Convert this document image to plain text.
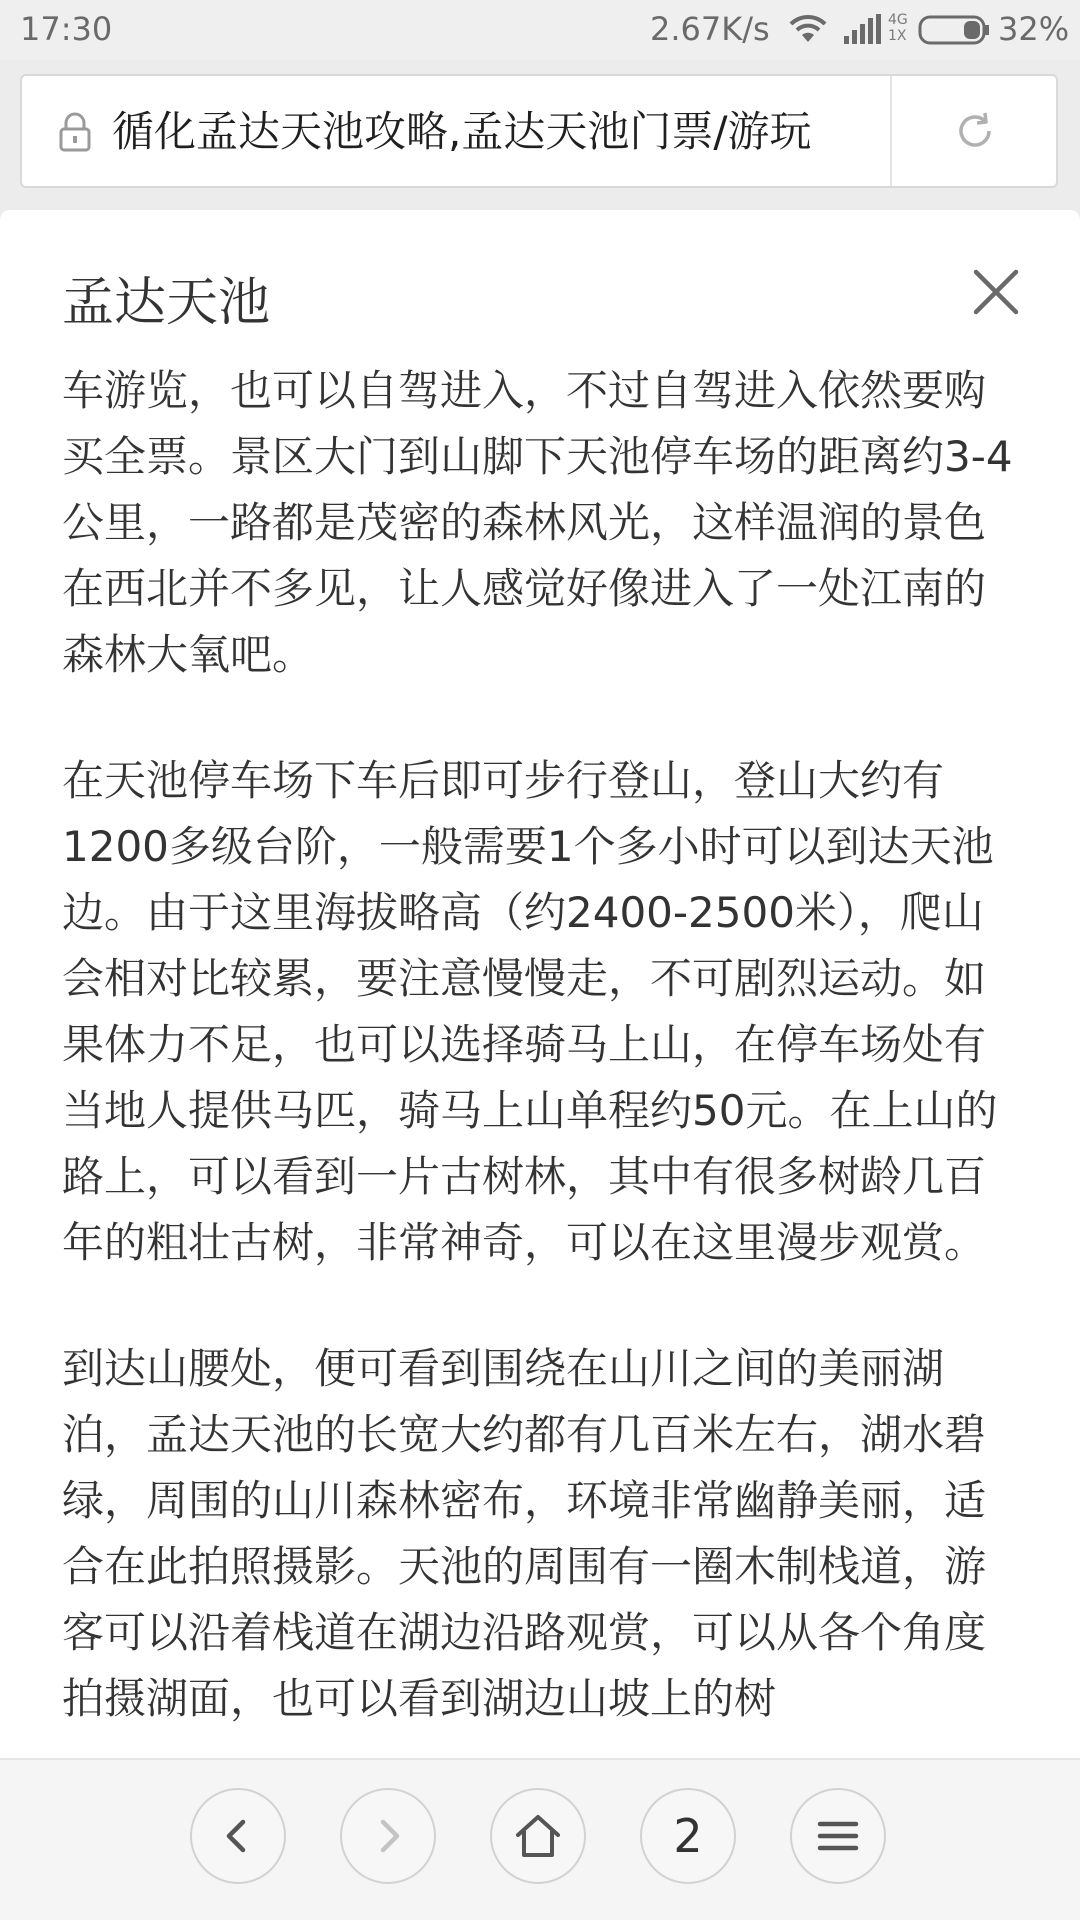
17:30	2.67K/s	4G
1X	32%
循化孟达天池攻略,孟达天池门票/游玩
孟达天池

车游览，也可以自驾进入，不过自驾进入依然要购买全票。景区大门到山脚下天池停车场的距离约3-4公里，一路都是茂密的森林风光，这样温润的景色在西北并不多见，让人感觉好像进入了一处江南的森林大氧吧。

在天池停车场下车后即可步行登山，登山大约有1200多级台阶，一般需要1个多小时可以到达天池边。由于这里海拔略高（约2400-2500米），爬山会相对比较累，要注意慢慢走，不可剧烈运动。如果体力不足，也可以选择骑马上山，在停车场处有当地人提供马匹，骑马上山单程约50元。在上山的路上，可以看到一片古树林，其中有很多树龄几百年的粗壮古树，非常神奇，可以在这里漫步观赏。

到达山腰处，便可看到围绕在山川之间的美丽湖泊，孟达天池的长宽大约都有几百米左右，湖水碧绿，周围的山川森林密布，环境非常幽静美丽，适合在此拍照摄影。天池的周围有一圈木制栈道，游客可以沿着栈道在湖边沿路观赏，可以从各个角度拍摄湖面，也可以看到湖边山坡上的树

2
